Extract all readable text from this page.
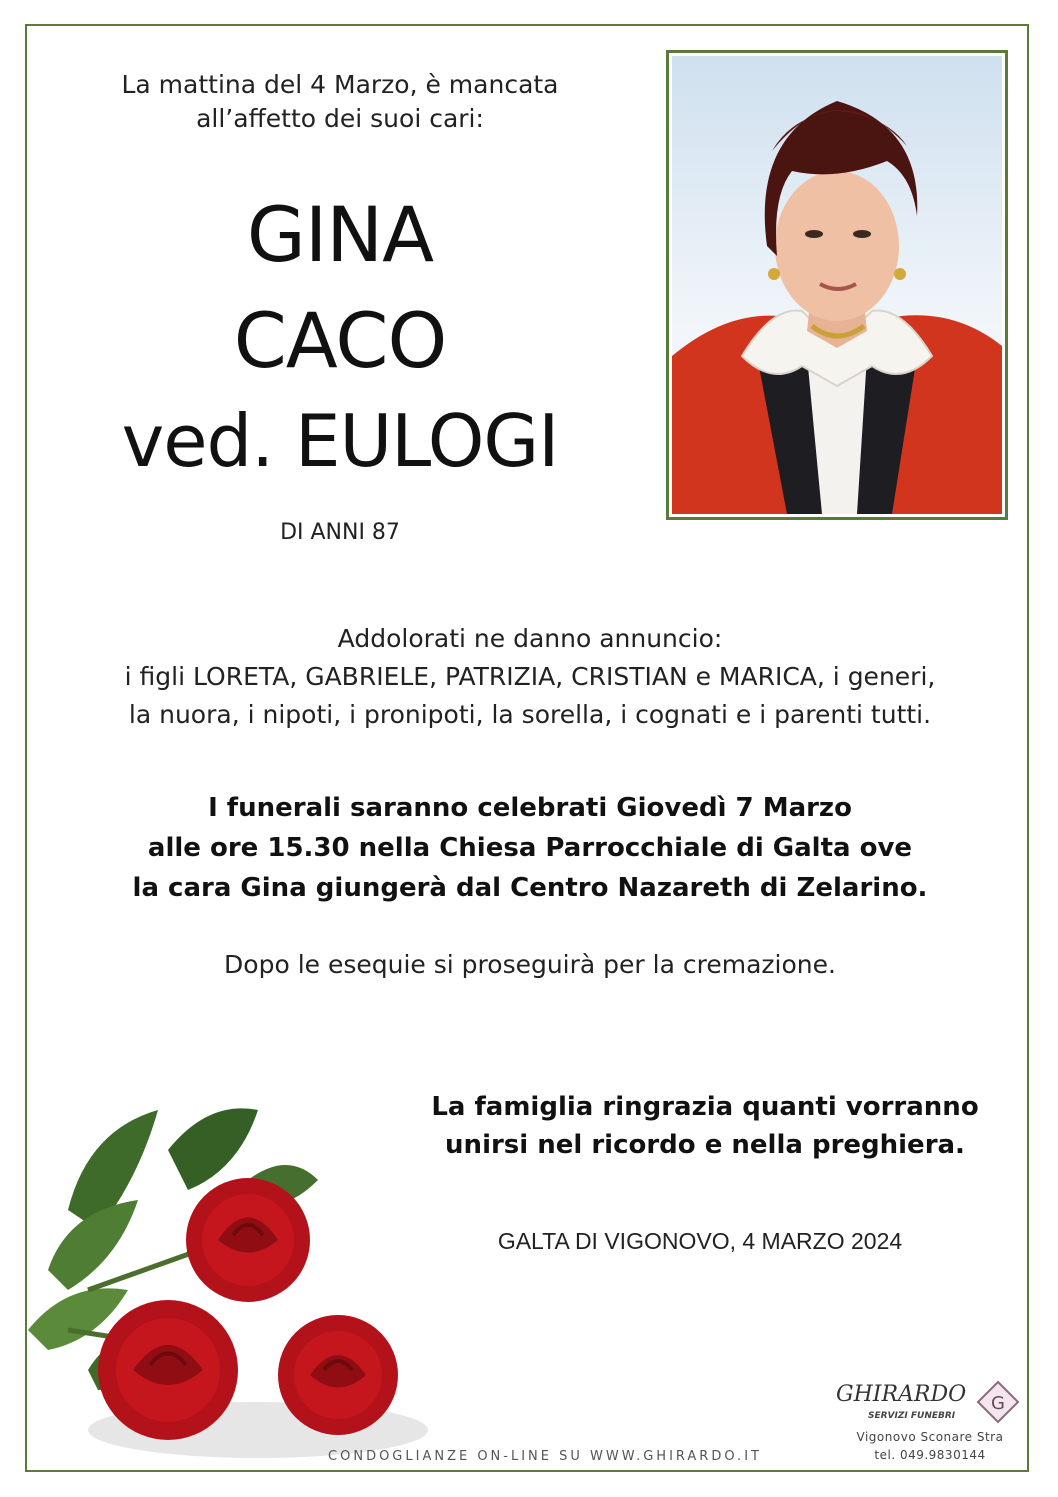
La mattina del 4 Marzo, è mancata
all’affetto dei suoi cari:

GINA

CACO

ved. EULOGI

DI ANNI 87

Addolorati ne danno annuncio:
i figli LORETA, GABRIELE, PATRIZIA, CRISTIAN e MARICA, i generi,
la nuora, i nipoti, i pronipoti, la sorella, i cognati e i parenti tutti.

I funerali saranno celebrati Giovedì 7 Marzo
alle ore 15.30 nella Chiesa Parrocchiale di Galta ove
la cara Gina giungerà dal Centro Nazareth di Zelarino.

Dopo le esequie si proseguirà per la cremazione.

La famiglia ringrazia quanti vorranno
unirsi nel ricordo e nella preghiera.

GALTA DI VIGONOVO, 4 MARZO 2024

GHIRARDO
SERVIZI FUNEBRI
G
Vigonovo Sconare Stra
tel. 049.9830144

CONDOGLIANZE ON-LINE SU WWW.GHIRARDO.IT
